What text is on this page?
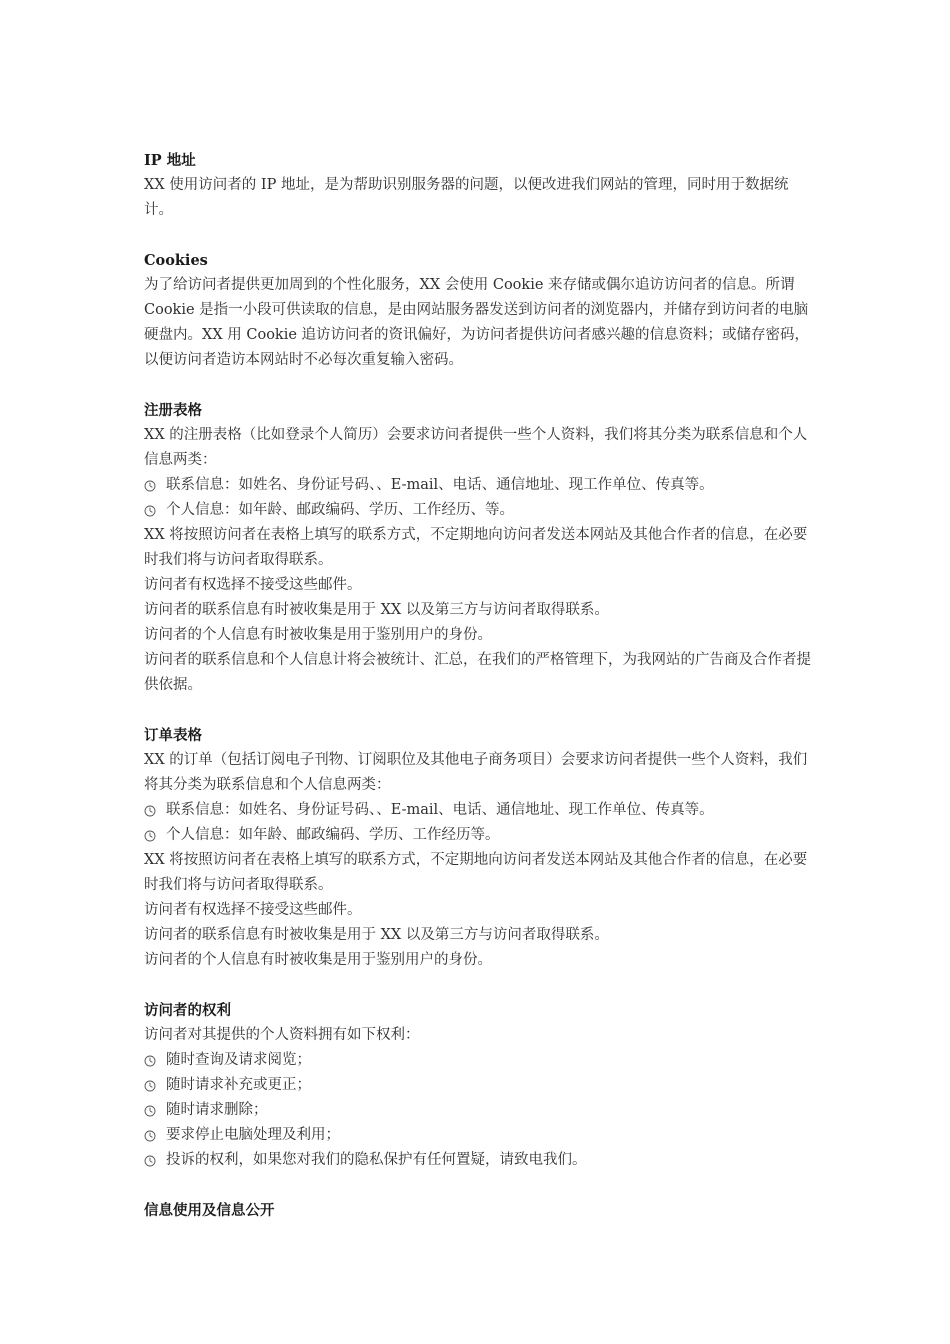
IP 地址
XX 使用访问者的 IP 地址，是为帮助识别服务器的问题，以便改进我们网站的管理，同时用于数据统计。
Cookies
为了给访问者提供更加周到的个性化服务，XX 会使用 Cookie 来存储或偶尔追访访问者的信息。所谓 Cookie 是指一小段可供读取的信息，是由网站服务器发送到访问者的浏览器内，并储存到访问者的电脑硬盘内。XX 用 Cookie 追访访问者的资讯偏好，为访问者提供访问者感兴趣的信息资料；或储存密码，以便访问者造访本网站时不必每次重复输入密码。
注册表格
XX 的注册表格（比如登录个人简历）会要求访问者提供一些个人资料，我们将其分类为联系信息和个人信息两类：
联系信息：如姓名、身份证号码、、E-mail、电话、通信地址、现工作单位、传真等。
个人信息：如年龄、邮政编码、学历、工作经历、等。
XX 将按照访问者在表格上填写的联系方式，不定期地向访问者发送本网站及其他合作者的信息，在必要时我们将与访问者取得联系。
访问者有权选择不接受这些邮件。
访问者的联系信息有时被收集是用于 XX 以及第三方与访问者取得联系。
访问者的个人信息有时被收集是用于鉴别用户的身份。
访问者的联系信息和个人信息计将会被统计、汇总，在我们的严格管理下，为我网站的广告商及合作者提供依据。
订单表格
XX 的订单（包括订阅电子刊物、订阅职位及其他电子商务项目）会要求访问者提供一些个人资料，我们将其分类为联系信息和个人信息两类：
联系信息：如姓名、身份证号码、、E-mail、电话、通信地址、现工作单位、传真等。
个人信息：如年龄、邮政编码、学历、工作经历等。
XX 将按照访问者在表格上填写的联系方式，不定期地向访问者发送本网站及其他合作者的信息，在必要时我们将与访问者取得联系。
访问者有权选择不接受这些邮件。
访问者的联系信息有时被收集是用于 XX 以及第三方与访问者取得联系。
访问者的个人信息有时被收集是用于鉴别用户的身份。
访问者的权利
访问者对其提供的个人资料拥有如下权利：
随时查询及请求阅览；
随时请求补充或更正；
随时请求删除；
要求停止电脑处理及利用；
投诉的权利，如果您对我们的隐私保护有任何置疑，请致电我们。
信息使用及信息公开
